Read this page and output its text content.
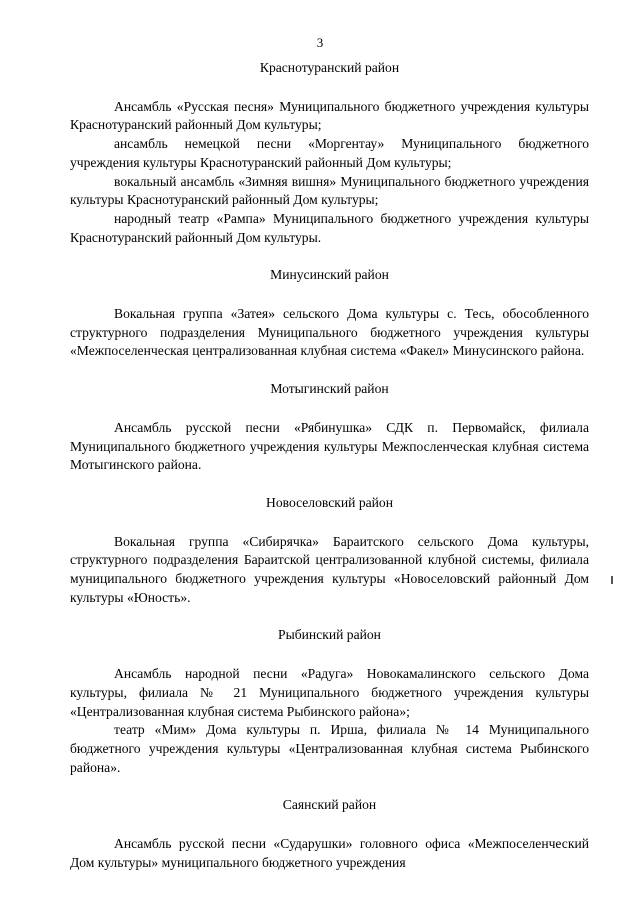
3
Краснотуранский район

Ансамбль «Русская песня» Муниципального бюджетного учреждения культуры Краснотуранский районный Дом культуры;

ансамбль немецкой песни «Моргентау» Муниципального бюджетного учреждения культуры Краснотуранский районный Дом культуры;

вокальный ансамбль «Зимняя вишня» Муниципального бюджетного учреждения культуры Краснотуранский районный Дом культуры;

народный театр «Рампа» Муниципального бюджетного учреждения культуры Краснотуранский районный Дом культуры.

Минусинский район

Вокальная группа «Затея» сельского Дома культуры с. Тесь, обособленного структурного подразделения Муниципального бюджетного учреждения культуры «Межпоселенческая централизованная клубная система «Факел» Минусинского района.

Мотыгинский район

Ансамбль русской песни «Рябинушка» СДК п. Первомайск, филиала Муниципального бюджетного учреждения культуры Межпосленческая клубная система Мотыгинского района.

Новоселовский район

Вокальная группа «Сибирячка» Бараитского сельского Дома культуры, структурного подразделения Бараитской централизованной клубной системы, филиала муниципального бюджетного учреждения культуры «Новоселовский районный Дом культуры «Юность».

Рыбинский район

Ансамбль народной песни «Радуга» Новокамалинского сельского Дома культуры, филиала № 21 Муниципального бюджетного учреждения культуры «Централизованная клубная система Рыбинского района»;

театр «Мим» Дома культуры п. Ирша, филиала № 14 Муниципального бюджетного учреждения культуры «Централизованная клубная система Рыбинского района».

Саянский район

Ансамбль русской песни «Сударушки» головного офиса «Межпоселенческий Дом культуры» муниципального бюджетного учреждения
